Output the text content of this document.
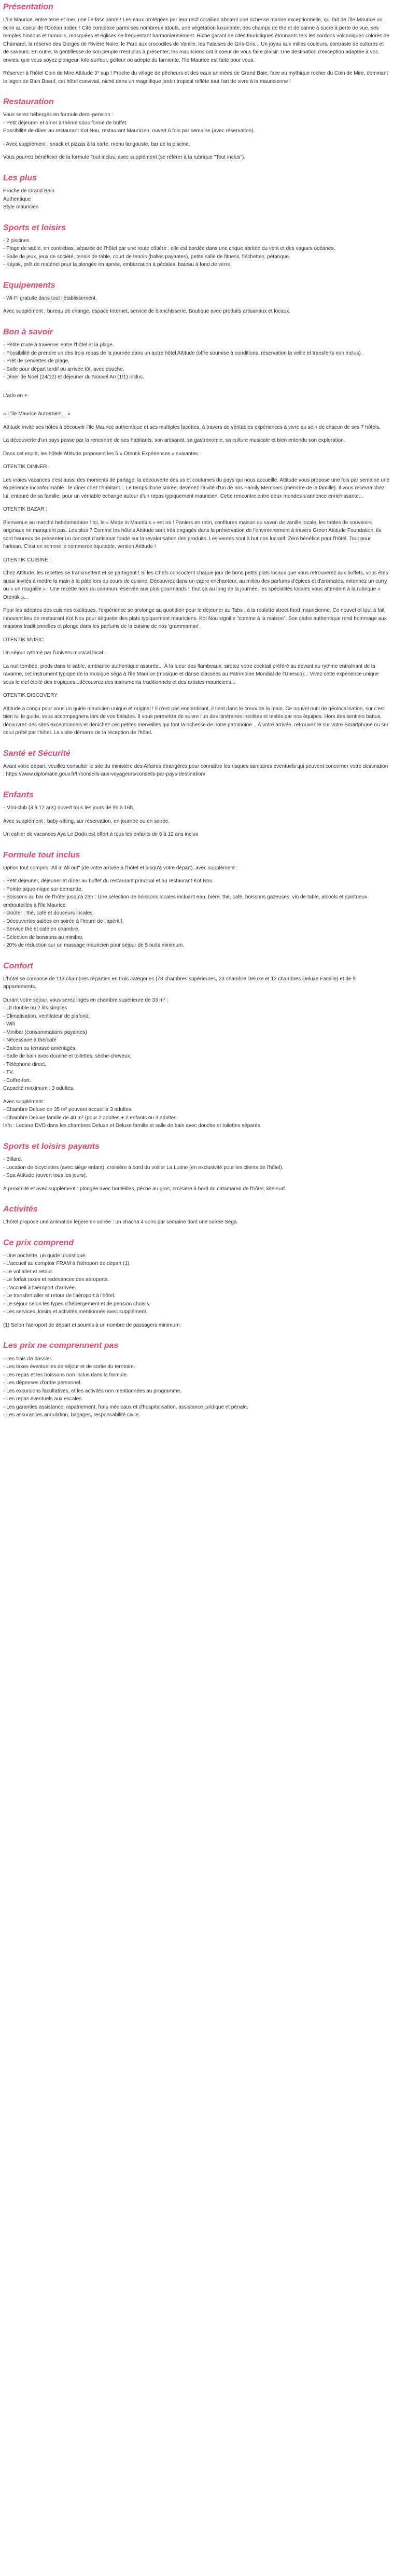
Présentation

L'île Maurice, entre terre et mer, une île fascinante ! Les eaux protégées par leur récif corallien abritent une richesse marine exceptionnelle, qui fait de l'île Maurice un écrin au coeur de l'Océan Indien ! Cité complexe parmi ses nombreux atouts, une végétation luxuriante, des champs de thé et de canne à sucre à perte de vue, ses temples hindous et tamouls, mosquées et églises se fréquentant harmonieusement. Riche garant de cités touristiques étonnants tels les cordons volcaniques colorés de Chamarel, la réserve des Gorges de Rivière Noire, le Parc aux crocodiles de Vanille, les Falaises de Gris-Gris... Un joyau aux milles couleurs, contraste de cultures et de saveurs. En outre, la gentillesse de son peuple n'est plus à présenter, les mauriciens ont à coeur de vous faire plaisir. Une destination d'exception adaptée à vos envies: que vous soyez plongeur, kite-surfeur, golfeur ou adepte du farniente, l'île Maurice est faite pour vous.

Réserver à l'hôtel Coin de Mire Attitude 3* sup ! Proche du village de pêcheurs et des eaux animées de Grand Baie, face au mythique rocher du Coin de Mire, dominant le lagon de Bain Boeuf, cet hôtel convivial, niché dans un magnifique jardin tropical reflète tout l'art de vivre à la mauricienne !

Restauration
Vous serez hébergés en formule demi-pension :
- Petit déjeuner et dîner à thème sous forme de buffet.
Possibilité de dîner au restaurant Kot Nou, restaurant Mauricien, ouvert 6 fois par semaine (avec réservation).

- Avec supplément : snack et pizzas à la carte, menu langouste, bar de la piscine.

Vous pourrez bénéficier de la formule Tout inclus, avec supplément (se référer à la rubrique "Tout inclus").

Les plus
Proche de Grand Bain
Authentique
Style mauricien
Sports et loisirs
- 2 piscines.
- Plage de sable, en contrebas, séparée de l'hôtel par une route côtière ; elle est bordée dans une crique abritée du vent et des vagues océanes.
- Salle de jeux, jeux de société, tennis de table, court de tennis (balles payantes), petite salle de fitness, fléchettes, pétanque.
- Kayak, prêt de matériel pour la plongée en apnée, embarcation à pédales, bateau à fond de verre.
Equipements

- Wi-Fi gratuite dans tout l'établissement.

Avec supplément : bureau de change, espace Internet, service de blanchisserie. Boutique avec produits artisanaux et locaux.

Bon à savoir
- Petite route à traverser entre l'hôtel et la plage.
- Possibilité de prendre un des trois repas de la journée dans un autre hôtel Attitude (offre soumise à conditions, réservation la veille et transferts non inclus).
- Prêt de serviettes de plage.
- Salle pour départ tardif ou arrivée tôt, avec douche.
- Dîner de Noël (24/12) et déjeuner du Nouvel An (1/1) inclus.

L'ado en +:

« L'île Maurice Autrement... »

Attitude invite ses hôtes à découvrir l'île Maurice authentique et ses multiples facettes, à travers de véritables expériences à vivre au sein de chacun de ses 7 hôtels.

La découverte d'un pays passe par la rencontre de ses habitants, son artisanat, sa gastronomie, sa culture musicale et bien entendu son exploration.

Dans cet esprit, les hôtels Attitude proposent les 5 « Otentik Expériences » suivantes :

OTENTIK DINNER :

Les vraies vacances c'est aussi des moments de partage, la découverte des us et coutumes du pays qui nous accueille. Attitude vous propose une fois par semaine une expérience inconfournable : le dîner chez l'habitant... Le temps d'une soirée, devenez l'invité d'un de nos Family Members (membre de la famille). Il vous recevra chez lui, entouré de sa famille, pour un véritable échange autour d'un repas typiquement mauricien. Cette rencontre entre deux mondes s'annonce enrichissante...

OTENTIK BAZAR :

Bienvenue au marché hebdomadaire ! Ici, le « Made in Mauritius » est roi ! Paniers en rotin, confitures maison ou savon de vanille locale, les tables de souvenirs originaux ne manquent pas. Les plus ? Comme les hôtels Attitude sont très engagés dans la préservation de l'environnement à travers Green Attitude Foundation, ils sont heureux de présenter un concept d'artisanat fondé sur la revalorisation des produits. Les ventes sont à but non lucratif. Zéro bénéfice pour l'hôtel. Tout pour l'artisan. C'est en somme le commerce équitable, version Attitude !

OTENTIK CUISINE :

Chez Attitude, les recettes se transmettent et se partagent ! Si les Chefs concoctent chaque jour de bons petits plats locaux que vous retrouverez aux buffets, vous êtes aussi invités à mettre la main à la pâte lors du cours de cuisine. Découvrez dans un cadre enchanteur, au milieu des parfums d'épices et d'aromates, mitonnez un curry ou « un rougaille » ! Une recette hors du commun réservée aux plus gourmands ! Tout ça au long de la journée, les spécialités locales vous attendent à la rubrique « Otentik »...

Pour les adeptes des cuisines exotiques, l'expérience se prolonge au quotidien pour le déjeuner au Tabs : à la roulotte street food mauricienne. Ce nouvel et tout à fait innovant lieu de restaurant Kot Nou pour déguster des plats typiquement mauriciens. Kot Nou signifie "comme à la maison". Son cadre authentique rend hommage aux maisons traditionnelles et plonge dans les parfums de la cuisine de nos 'grammaman'.

OTENTIK MUSIC

Un séjour rythmé par l'univers musical local...

La nuit tombée, pieds dans le sable, ambiance authentique assurée... À la lueur des flambeaux, sirotez votre cocktail préféré au devant au rythme entraînant de la ravanne, cet instrument typique de la musique séga à l'île Maurice (musique et danse classées au Patrimoine Mondial de l'Unesco)... Vivez cette expérience unique sous le ciel étoilé des tropiques...découvrez des instruments traditionnels et des artistes mauriciens...

OTENTIK DISCOVERY

Attitude a conçu pour vous un guide mauricien unique et original ! Il n'est pas encombrant, il tient dans le creux de la main. Ce nouvel outil de géolocalisation, sur c'est bien lui le guide, vous accompagnera lors de vos balades. Il vous permettra de suivre l'un des itinéraires insolites et testés par nos équipes. Hors des sentiers battus, découvrez des sites exceptionnels et dénichez ces petites merveilles qui font la richesse de notre patrimoine... À votre arrivée, retrouvez le sur votre Smartphone ou sur celui prêté par l'hôtel. La visite démarre de la réception de l'hôtel.

Santé et Sécurité

Avant votre départ, veuillez consulter le site du ministère des Affaires étrangères pour connaître les risques sanitaires éventuels qui peuvent concerner votre destination : https://www.diplomatie.gouv.fr/fr/conseils-aux-voyageurs/conseils-par-pays-destination/

Enfants

- Mini-club (3 à 12 ans) ouvert tous les jours de 9h à 16h.

Avec supplément : baby-sitting, sur réservation, en journée ou en soirée.

Un cahier de vacances Aya Le Dodo est offert à tous les enfants de 6 à 12 ans inclus

Formule tout inclus

Option tout compris "All in All out" (de votre arrivée à l'hôtel et jusqu'à votre départ), avec supplément :

- Petit déjeuner, déjeuner et dîner au buffet du restaurant principal et au restaurant Kot Nou.
- Pointe pique-nique sur demande.
- Boissons au bar de l'hôtel jusqu'à 23h : Une sélection de boissons locales incluant eau, bière, thé, café, boissons gazeuses, vin de table, alcools et spiritueux embouteillés à l'île Maurice.
- Goûter : thé, café et douceurs locales.
- Découvertes salées en soirée à l'heure de l'apéritif.
- Service thé et café en chambre.
- Sélection de boissons au minibar.
- 20% de réduction sur un massage mauricien pour séjour de 5 nuits minimum.
Confort

L'hôtel se compose de 113 chambres réparties en trois catégories (78 chambres supérieures, 23 chambre Deluxe et 12 chambres Deluxe Famille) et de 9 appartements.

Durant votre séjour, vous serez logés en chambre supérieure de 33 m² :
- Lit double ou 2 lits simples
- Climatisation, ventilateur de plafond,
- Wifi
- Minibar (consommations payantes)
- Nécessaire à thé/café
- Balcon ou terrasse aménagés,
- Salle de bain avec douche et toilettes, sèche-cheveux,
- Téléphone direct,
- TV,
- Coffre-fort.
Capacité maximum : 3 adultes.
Avec supplément :
- Chambre Deluxe de 35 m² pouvant accueillir 3 adultes.
- Chambre Deluxe famille de 40 m² (pour 2 adultes + 2 enfants ou 3 adultes.
Info : Lecteur DVD dans les chambres Deluxe et Deluxe famille et salle de bain avec douche et toilettes séparés.
Sports et loisirs payants
- Billard.
- Location de bicyclettes (avec siège enfant), croisière à bord du voilier La Lutine (en exclusivité pour les clients de l'hôtel).
- Spa Attitude (ouvert tous les jours).

À proximité et avec supplément : plongée avec bouteilles, pêche au gros, croisière à bord du catamaran de l'hôtel, kite-surf.

Activités

L'hôtel propose une animation légère en soirée : un chacha 4 soirs par semaine dont une soirée Séga.

Ce prix comprend
- Une pochette, un guide touristique.
- L'accueil au comptoir FRAM à l'aéroport de départ (1).
- Le vol aller et retour.
- Le forfait taxes et redevances des aéroports.
- L'accueil à l'aéroport d'arrivée.
- Le transfert aller et retour de l'aéroport à l'hôtel.
- Le séjour selon les types d'hébergement et de pension choisis.
- Les services, loisirs et activités mentionnés avec supplément.

(1) Selon l'aéroport de départ et soumis à un nombre de passagers minimum.

Les prix ne comprennent pas
- Les frais de dossier.
- Les taxes éventuelles de séjour et de sortie du territoire.
- Les repas et les boissons non inclus dans la formule.
- Les dépenses d'ordre personnel.
- Les excursions facultatives, et les activités non mentionnées au programme.
- Les repas éventuels aux escales.
- Les garanties assistance, rapatriement, frais médicaux et d'hospitalisation, assistance juridique et pénale.
- Les assurances annulation, bagages, responsabilité civile.
